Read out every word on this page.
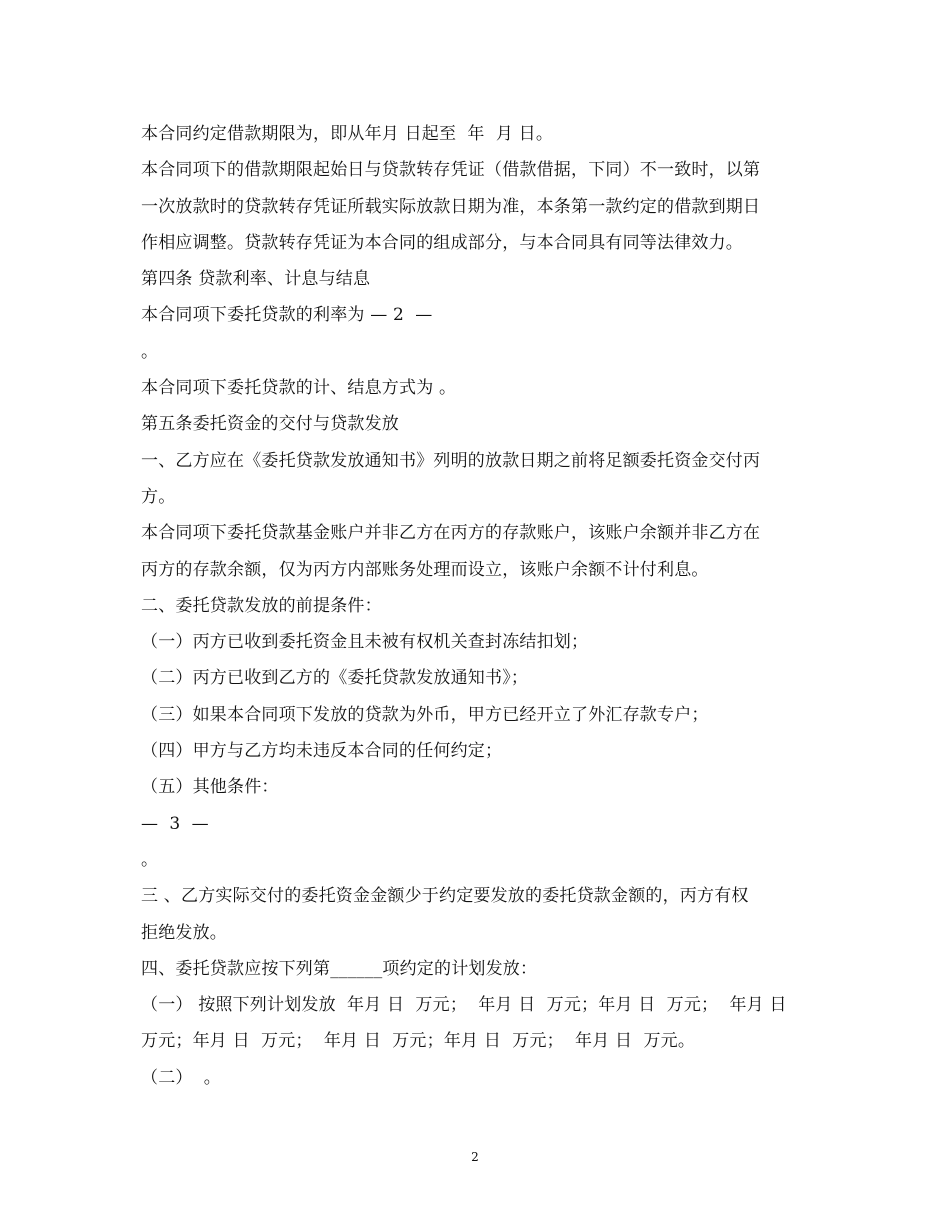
本合同约定借款期限为，即从年月 日起至  年  月 日。
本合同项下的借款期限起始日与贷款转存凭证（借款借据，下同）不一致时，以第
一次放款时的贷款转存凭证所载实际放款日期为准，本条第一款约定的借款到期日
作相应调整。贷款转存凭证为本合同的组成部分，与本合同具有同等法律效力。
第四条 贷款利率、计息与结息
本合同项下委托贷款的利率为 — 2  —
。
本合同项下委托贷款的计、结息方式为 。
第五条委托资金的交付与贷款发放
一、乙方应在《委托贷款发放通知书》列明的放款日期之前将足额委托资金交付丙
方。
本合同项下委托贷款基金账户并非乙方在丙方的存款账户，该账户余额并非乙方在
丙方的存款余额，仅为丙方内部账务处理而设立，该账户余额不计付利息。
二、委托贷款发放的前提条件：
（一）丙方已收到委托资金且未被有权机关查封冻结扣划；
（二）丙方已收到乙方的《委托贷款发放通知书》；
（三）如果本合同项下发放的贷款为外币，甲方已经开立了外汇存款专户；
（四）甲方与乙方均未违反本合同的任何约定；
（五）其他条件：
—  3  —
。
三 、乙方实际交付的委托资金金额少于约定要发放的委托贷款金额的，丙方有权
拒绝发放。
四、委托贷款应按下列第______项约定的计划发放：
（一） 按照下列计划发放  年月 日  万元；  年月 日  万元；年月 日  万元；  年月 日
万元；年月 日  万元；  年月 日  万元；年月 日  万元；  年月 日  万元。
（二）  。
2
